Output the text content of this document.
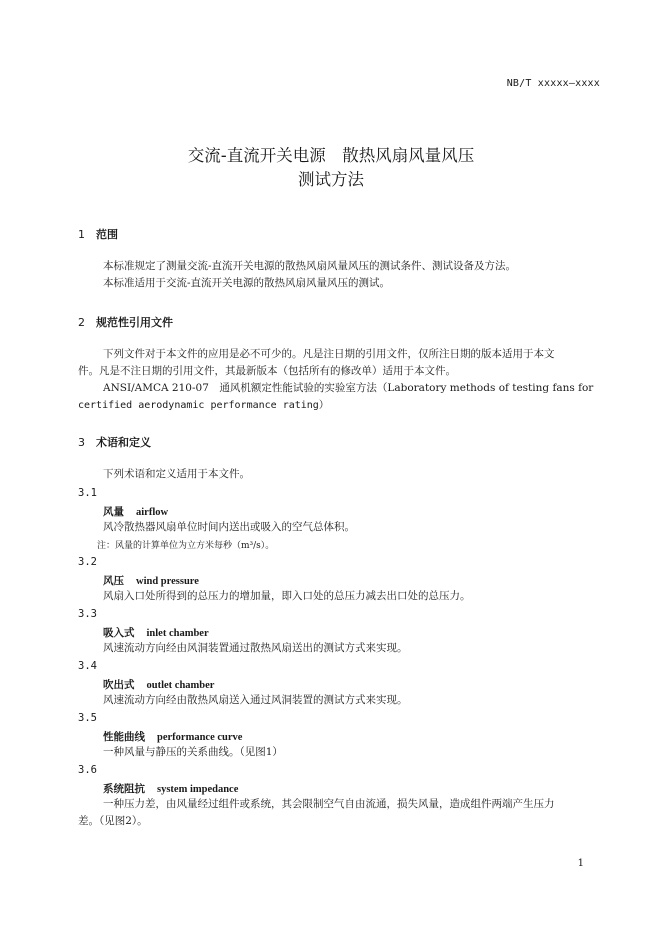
NB/T xxxxx—xxxx
交流-直流开关电源　散热风扇风量风压
测试方法
1 范围
本标准规定了测量交流-直流开关电源的散热风扇风量风压的测试条件、测试设备及方法。
本标准适用于交流-直流开关电源的散热风扇风量风压的测试。
2 规范性引用文件
下列文件对于本文件的应用是必不可少的。凡是注日期的引用文件，仅所注日期的版本适用于本文
件。凡是不注日期的引用文件，其最新版本（包括所有的修改单）适用于本文件。
ANSI/AMCA 210-07　通风机额定性能试验的实验室方法（Laboratory methods of testing fans for
certified aerodynamic performance rating）
3 术语和定义
下列术语和定义适用于本文件。
3.1
风量 airflow
风冷散热器风扇单位时间内送出或吸入的空气总体积。
注：风量的计算单位为立方米每秒（m³/s）。
3.2
风压 wind pressure
风扇入口处所得到的总压力的增加量，即入口处的总压力减去出口处的总压力。
3.3
吸入式 inlet chamber
风速流动方向经由风洞装置通过散热风扇送出的测试方式来实现。
3.4
吹出式 outlet chamber
风速流动方向经由散热风扇送入通过风洞装置的测试方式来实现。
3.5
性能曲线 performance curve
一种风量与静压的关系曲线。（见图1）
3.6
系统阻抗 system impedance
一种压力差，由风量经过组件或系统，其会限制空气自由流通，损失风量，造成组件两端产生压力
差。（见图2）。
1
